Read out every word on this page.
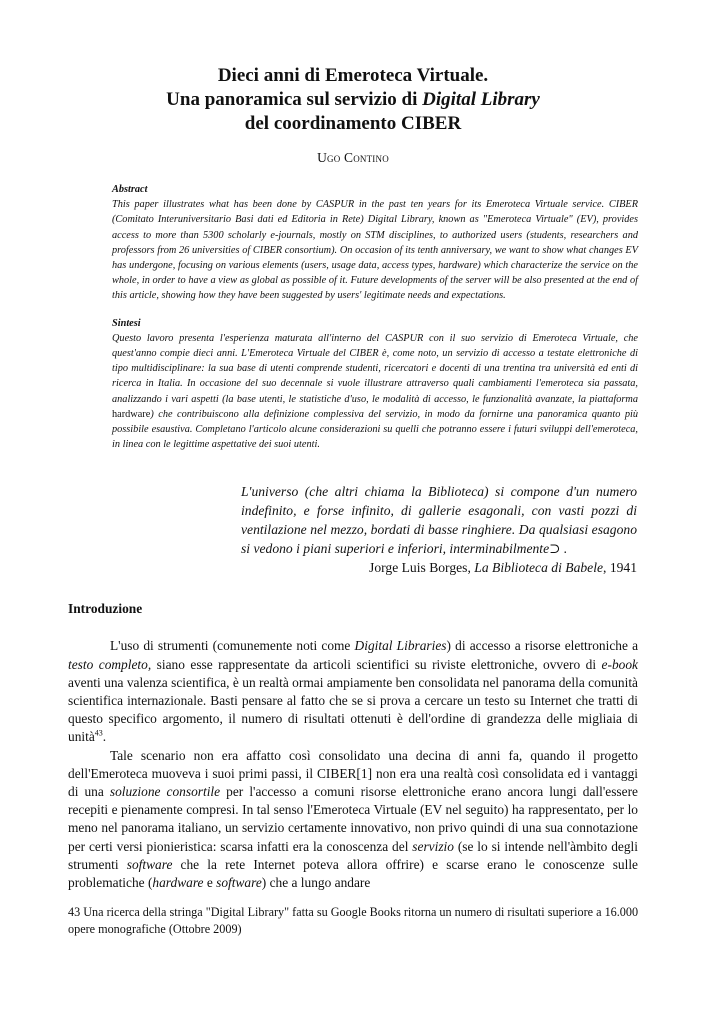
Dieci anni di Emeroteca Virtuale.
Una panoramica sul servizio di Digital Library
del coordinamento CIBER
Ugo Contino
Abstract
This paper illustrates what has been done by CASPUR in the past ten years for its Emeroteca Virtuale service. CIBER (Comitato Interuniversitario Basi dati ed Editoria in Rete) Digital Library, known as "Emeroteca Virtuale" (EV), provides access to more than 5300 scholarly e-journals, mostly on STM disciplines, to authorized users (students, researchers and professors from 26 universities of CIBER consortium). On occasion of its tenth anniversary, we want to show what changes EV has undergone, focusing on various elements (users, usage data, access types, hardware) which characterize the service on the whole, in order to have a view as global as possible of it. Future developments of the server will be also presented at the end of this article, showing how they have been suggested by users' legitimate needs and expectations.
Sintesi
Questo lavoro presenta l'esperienza maturata all'interno del CASPUR con il suo servizio di Emeroteca Virtuale, che quest'anno compie dieci anni. L'Emeroteca Virtuale del CIBER è, come noto, un servizio di accesso a testate elettroniche di tipo multidisciplinare: la sua base di utenti comprende studenti, ricercatori e docenti di una trentina tra università ed enti di ricerca in Italia. In occasione del suo decennale si vuole illustrare attraverso quali cambiamenti l'emeroteca sia passata, analizzando i vari aspetti (la base utenti, le statistiche d'uso, le modalità di accesso, le funzionalità avanzate, la piattaforma hardware) che contribuiscono alla definizione complessiva del servizio, in modo da fornirne una panoramica quanto più possibile esaustiva. Completano l'articolo alcune considerazioni su quelli che potranno essere i futuri sviluppi dell'emeroteca, in linea con le legittime aspettative dei suoi utenti.
L'universo (che altri chiama la Biblioteca) si compone d'un numero indefinito, e forse infinito, di gallerie esagonali, con vasti pozzi di ventilazione nel mezzo, bordati di basse ringhiere. Da qualsiasi esagono si vedono i piani superiori e inferiori, interminabilmente⊃ .
Jorge Luis Borges, La Biblioteca di Babele, 1941
Introduzione

L'uso di strumenti (comunemente noti come Digital Libraries) di accesso a risorse elettroniche a testo completo, siano esse rappresentate da articoli scientifici su riviste elettroniche, ovvero di e-book aventi una valenza scientifica, è un realtà ormai ampiamente ben consolidata nel panorama della comunità scientifica internazionale. Basti pensare al fatto che se si prova a cercare un testo su Internet che tratti di questo specifico argomento, il numero di risultati ottenuti è dell'ordine di grandezza delle migliaia di unità$^{43}$.

Tale scenario non era affatto così consolidato una decina di anni fa, quando il progetto dell'Emeroteca muoveva i suoi primi passi, il CIBER[1] non era una realtà così consolidata ed i vantaggi di una soluzione consortile per l'accesso a comuni risorse elettroniche erano ancora lungi dall'essere recepiti e pienamente compresi. In tal senso l'Emeroteca Virtuale (EV nel seguito) ha rappresentato, per lo meno nel panorama italiano, un servizio certamente innovativo, non privo quindi di una sua connotazione per certi versi pionieristica: scarsa infatti era la conoscenza del servizio (se lo si intende nell'àmbito degli strumenti software che la rete Internet poteva allora offrire) e scarse erano le conoscenze sulle problematiche (hardware e software) che a lungo andare

43 Una ricerca della stringa "Digital Library" fatta su Google Books ritorna un numero di risultati superiore a 16.000 opere monografiche (Ottobre 2009)
